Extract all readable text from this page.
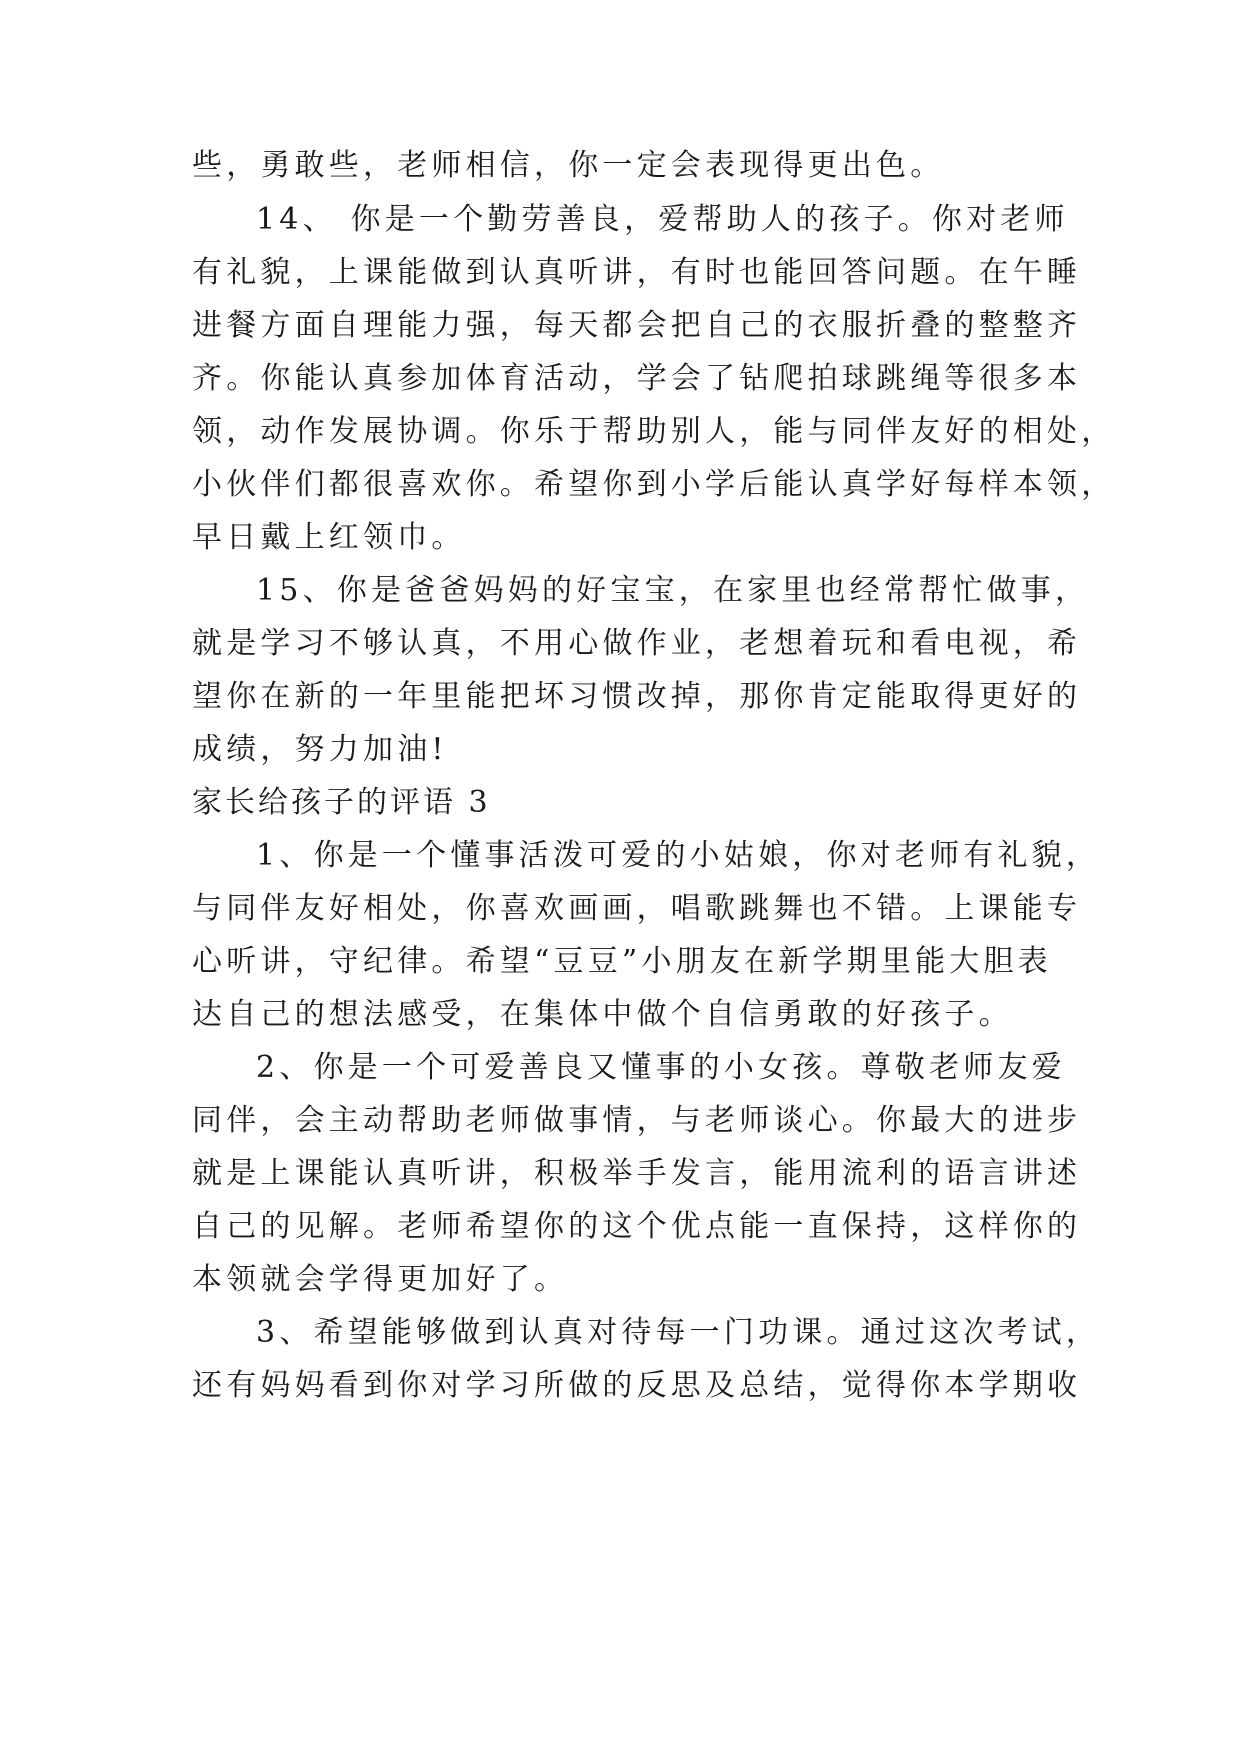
些，勇敢些，老师相信，你一定会表现得更出色。
14、 你是一个勤劳善良，爱帮助人的孩子。你对老师
有礼貌，上课能做到认真听讲，有时也能回答问题。在午睡
进餐方面自理能力强，每天都会把自己的衣服折叠的整整齐
齐。你能认真参加体育活动，学会了钻爬拍球跳绳等很多本
领，动作发展协调。你乐于帮助别人，能与同伴友好的相处，
小伙伴们都很喜欢你。希望你到小学后能认真学好每样本领，
早日戴上红领巾。
15、你是爸爸妈妈的好宝宝，在家里也经常帮忙做事，
就是学习不够认真，不用心做作业，老想着玩和看电视，希
望你在新的一年里能把坏习惯改掉，那你肯定能取得更好的
成绩，努力加油!
家长给孩子的评语 3
1、你是一个懂事活泼可爱的小姑娘，你对老师有礼貌，
与同伴友好相处，你喜欢画画，唱歌跳舞也不错。上课能专
心听讲，守纪律。希望“豆豆”小朋友在新学期里能大胆表
达自己的想法感受，在集体中做个自信勇敢的好孩子。
2、你是一个可爱善良又懂事的小女孩。尊敬老师友爱
同伴，会主动帮助老师做事情，与老师谈心。你最大的进步
就是上课能认真听讲，积极举手发言，能用流利的语言讲述
自己的见解。老师希望你的这个优点能一直保持，这样你的
本领就会学得更加好了。
3、希望能够做到认真对待每一门功课。通过这次考试，
还有妈妈看到你对学习所做的反思及总结，觉得你本学期收
